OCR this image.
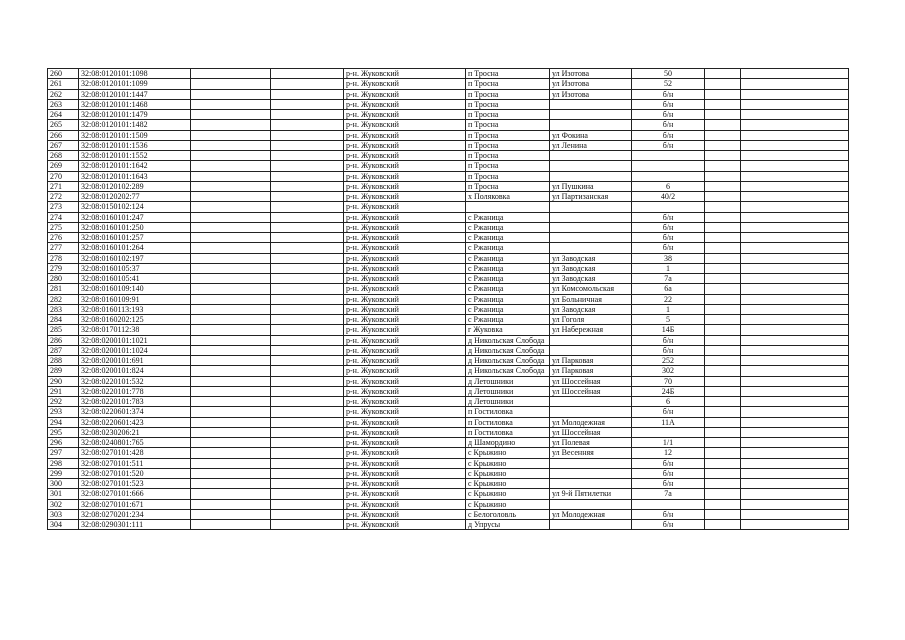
260	32:08:0120101:1098			р-н. Жуковский	п Тросна	ул Изотова	50		
261	32:08:0120101:1099			р-н. Жуковский	п Тросна	ул Изотова	52		
262	32:08:0120101:1447			р-н. Жуковский	п Тросна	ул Изотова	б/н		
263	32:08:0120101:1468			р-н. Жуковский	п Тросна		б/н		
264	32:08:0120101:1479			р-н. Жуковский	п Тросна		б/н		
265	32:08:0120101:1482			р-н. Жуковский	п Тросна		б/н		
266	32:08:0120101:1509			р-н. Жуковский	п Тросна	ул Фокина	б/н		
267	32:08:0120101:1536			р-н. Жуковский	п Тросна	ул Ленина	б/н		
268	32:08:0120101:1552			р-н. Жуковский	п Тросна				
269	32:08:0120101:1642			р-н. Жуковский	п Тросна				
270	32:08:0120101:1643			р-н. Жуковский	п Тросна				
271	32:08:0120102:289			р-н. Жуковский	п Тросна	ул Пушкина	6		
272	32:08:0120202:77			р-н. Жуковский	х Поляковка	ул Партизанская	40/2		
273	32:08:0150102:124			р-н. Жуковский					
274	32:08:0160101:247			р-н. Жуковский	с Ржаница		б/н		
275	32:08:0160101:250			р-н. Жуковский	с Ржаница		б/н		
276	32:08:0160101:257			р-н. Жуковский	с Ржаница		б/н		
277	32:08:0160101:264			р-н. Жуковский	с Ржаница		б/н		
278	32:08:0160102:197			р-н. Жуковский	с Ржаница	ул Заводская	38		
279	32:08:0160105:37			р-н. Жуковский	с Ржаница	ул Заводская	1		
280	32:08:0160105:41			р-н. Жуковский	с Ржаница	ул Заводская	7а		
281	32:08:0160109:140			р-н. Жуковский	с Ржаница	ул Комсомольская	6а		
282	32:08:0160109:91			р-н. Жуковский	с Ржаница	ул Больничная	22		
283	32:08:0160113:193			р-н. Жуковский	с Ржаница	ул Заводская	1		
284	32:08:0160202:125			р-н. Жуковский	с Ржаница	ул Гоголя	5		
285	32:08:0170112:38			р-н. Жуковский	г Жуковка	ул Набережная	14Б		
286	32:08:0200101:1021			р-н. Жуковский	д Никольская Слобода		б/н		
287	32:08:0200101:1024			р-н. Жуковский	д Никольская Слобода		б/н		
288	32:08:0200101:691			р-н. Жуковский	д Никольская Слобода	ул Парковая	252		
289	32:08:0200101:824			р-н. Жуковский	д Никольская Слобода	ул Парковая	302		
290	32:08:0220101:532			р-н. Жуковский	д Летошники	ул Шоссейная	70		
291	32:08:0220101:778			р-н. Жуковский	д Летошники	ул Шоссейная	24Б		
292	32:08:0220101:783			р-н. Жуковский	д Летошники		6		
293	32:08:0220601:374			р-н. Жуковский	п Гостиловка		б/н		
294	32:08:0220601:423			р-н. Жуковский	п Гостиловка	ул Молодежная	11А		
295	32:08:0230206:21			р-н. Жуковский	п Гостиловка	ул Шоссейная			
296	32:08:0240801:765			р-н. Жуковский	д Шамордино	ул Полевая	1/1		
297	32:08:0270101:428			р-н. Жуковский	с Крыжино	ул Весенняя	12		
298	32:08:0270101:511			р-н. Жуковский	с Крыжино		б/н		
299	32:08:0270101:520			р-н. Жуковский	с Крыжино		б/н		
300	32:08:0270101:523			р-н. Жуковский	с Крыжино		б/н		
301	32:08:0270101:666			р-н. Жуковский	с Крыжино	ул 9-й Пятилетки	7а		
302	32:08:0270101:671			р-н. Жуковский	с Крыжино				
303	32:08:0270201:234			р-н. Жуковский	с Белоголовль	ул Молодежная	б/н		
304	32:08:0290301:111			р-н. Жуковский	д Упрусы		б/н		
